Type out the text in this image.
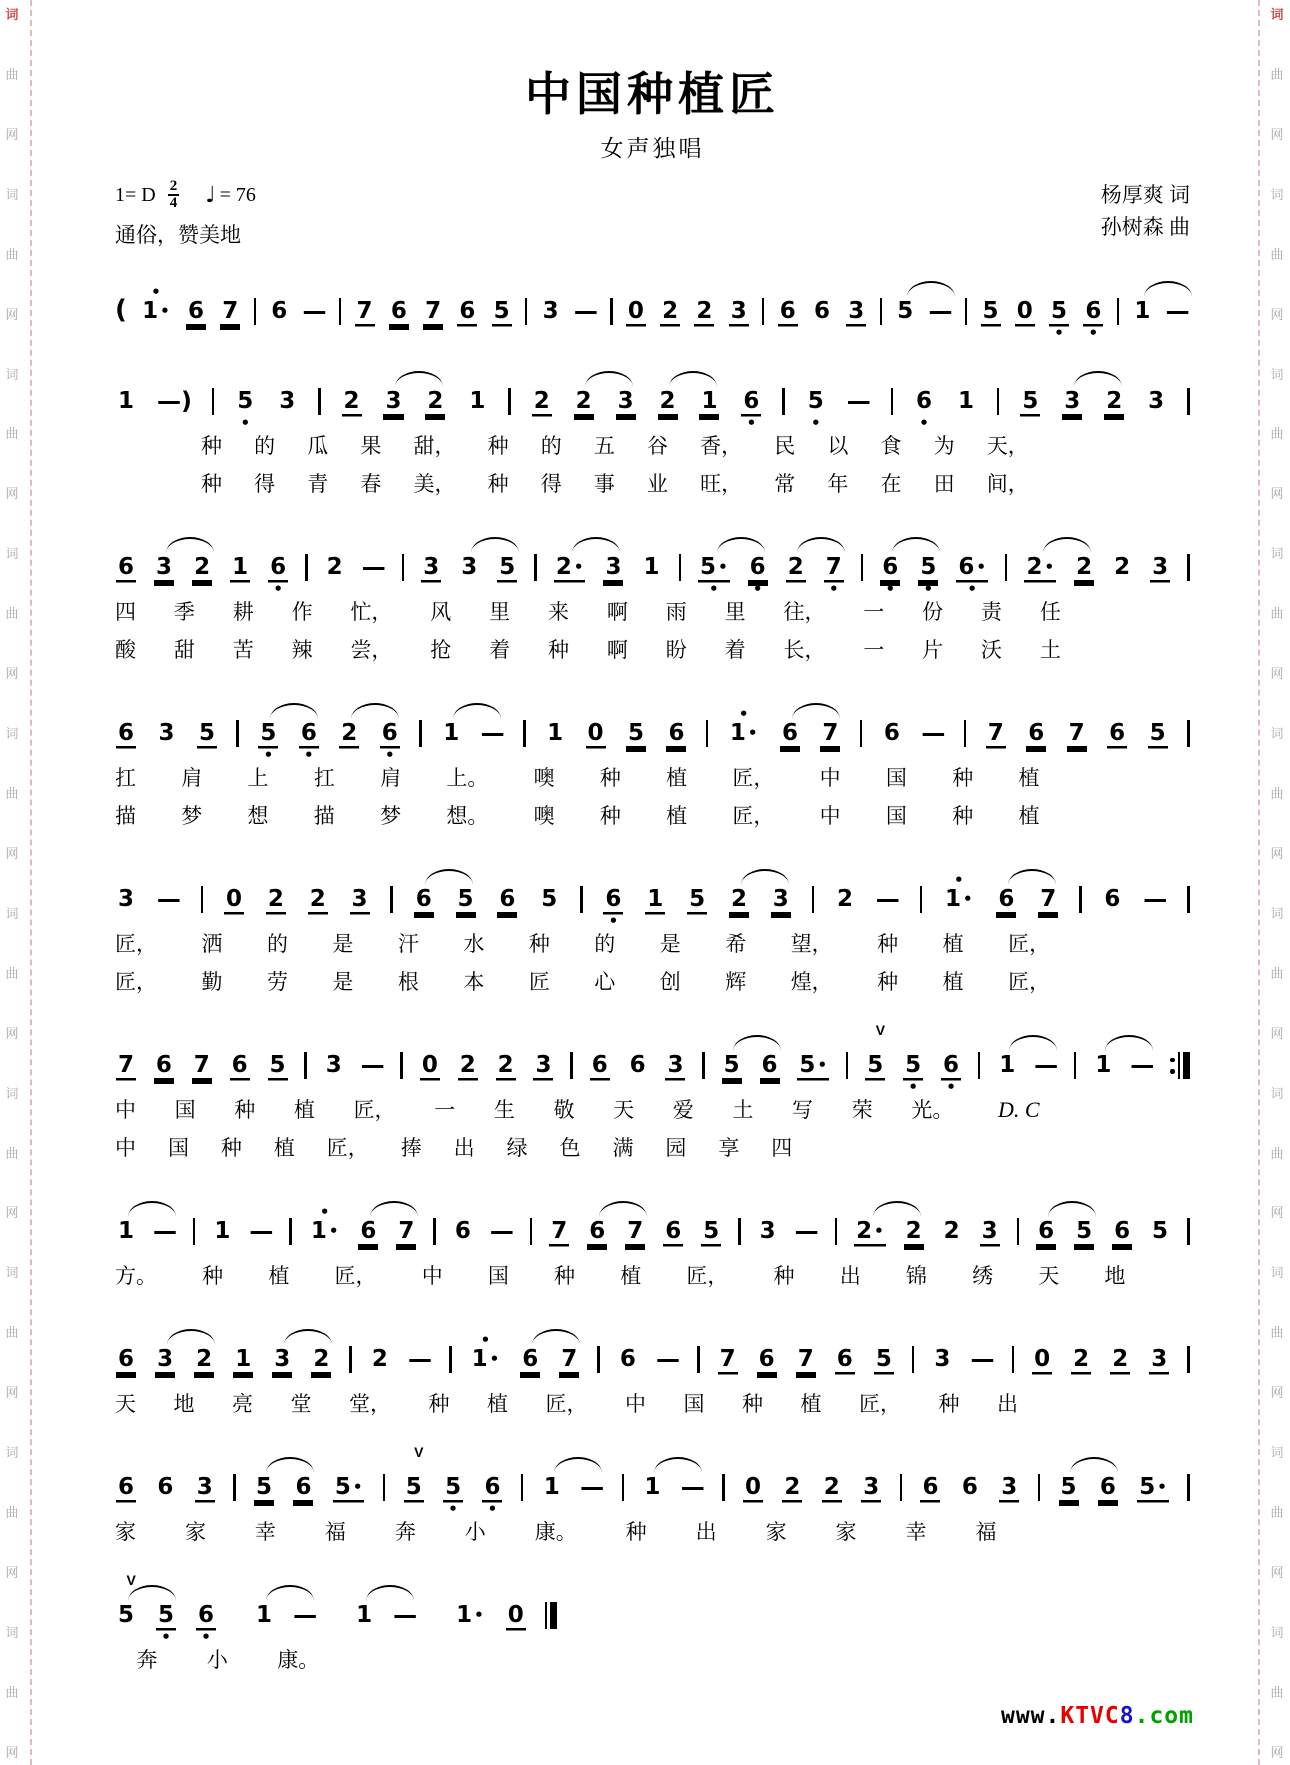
词
曲
网
词
曲
网
词
曲
网
词
曲
网
词
曲
网
词
曲
网
词
曲
网
词
曲
网
词
曲
网
词
曲
网
中国种植匠
女声独唱
1= D $\frac{2}{4}$ ♩ = 76
通俗，赞美地
杨厚爽 词
孙树森 曲
(
•
1 • 6 7 6 — 7 6 7 6 5 3 — 0 2 2 3 6 6 3 5 — 5 0 5
•
6
•
1 —
1 —) 5
•
3 2 3 2 1 2 2 3 2 1 6
•
5
•
— 6
•
1 5 3 2 3
种 的 瓜 果 甜， 种 的 五 谷 香， 民 以 食 为 天，
种 得 青 春 美， 种 得 事 业 旺， 常 年 在 田 间，
6 3 2 1 6
•
2 — 3 3 5 2 • 3 1 5 •
•
6
•
2 7
•
6
•
5
•
6 •
•
2 • 2 2 3
四 季 耕 作 忙， 风 里 来 啊 雨 里 往， 一 份 责 任
酸 甜 苦 辣 尝， 抢 着 种 啊 盼 着 长， 一 片 沃 土
6 3 5 5
•
6
•
2 6
•
1 — 1 0 5 6
•
1 • 6 7 6 — 7 6 7 6 5
扛 肩 上 扛 肩 上。 噢 种 植 匠， 中 国 种 植
描 梦 想 描 梦 想。 噢 种 植 匠， 中 国 种 植
3 — 0 2 2 3 6 5 6 5 6
•
1 5 2 3 2 —
•
1 • 6 7 6 —
匠， 洒 的 是 汗 水 种 的 是 希 望， 种 植 匠，
匠， 勤 劳 是 根 本 匠 心 创 辉 煌， 种 植 匠，
7 6 7 6 5 3 — 0 2 2 3 6 6 3 5 6 5 •
V
5 5
•
6
•
1 — 1 —
中 国 种 植 匠， 一 生 敬 天 爱 土 写 荣 光。 D. C
中 国 种 植 匠， 捧 出 绿 色 满 园 享 四
1 — 1 —
•
1 • 6 7 6 — 7 6 7 6 5 3 — 2 • 2 2 3 6 5 6 5
方。 种 植 匠， 中 国 种 植 匠， 种 出 锦 绣 天 地
6 3 2 1 3 2 2 —
•
1 • 6 7 6 — 7 6 7 6 5 3 — 0 2 2 3
天 地 亮 堂 堂， 种 植 匠， 中 国 种 植 匠， 种 出
6 6 3 5 6 5 •
V
5 5
•
6
•
1 — 1 — 0 2 2 3 6 6 3 5 6 5 •
家 家 幸 福 奔 小 康。 种 出 家 家 幸 福
V
5 5
•
6
•
1 — 1 — 1 • 0
奔 小 康。
www.KTVC8.com
词
曲
网
词
曲
网
词
曲
网
词
曲
网
词
曲
网
词
曲
网
词
曲
网
词
曲
网
词
曲
网
词
曲
网
